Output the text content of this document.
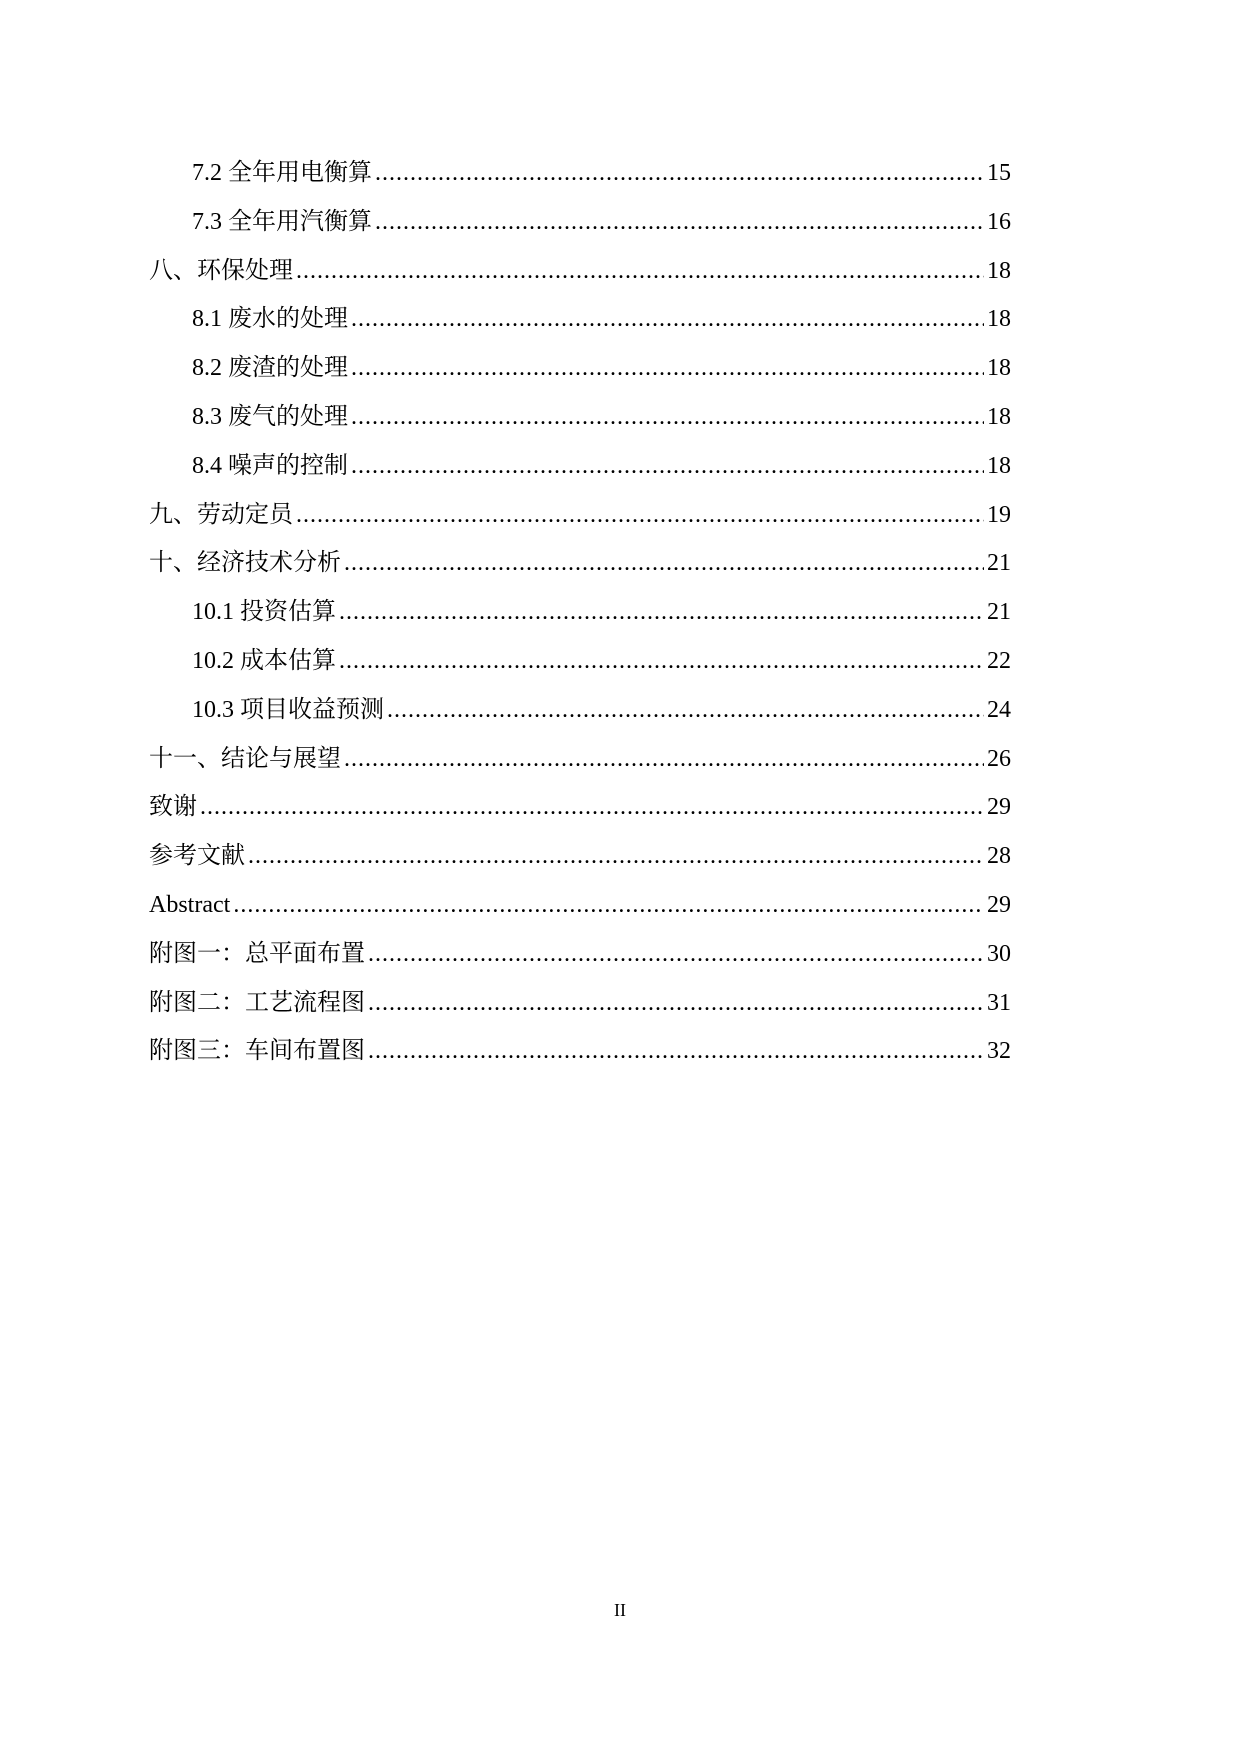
7.2 全年用电衡算 .....	15
7.3 全年用汽衡算 .....	16
八、环保处理 .....	18
8.1 废水的处理 .....	18
8.2 废渣的处理 .....	18
8.3 废气的处理 .....	18
8.4 噪声的控制 .....	18
九、劳动定员 .....	19
十、经济技术分析 .....	21
10.1 投资估算 .....	21
10.2 成本估算 .....	22
10.3 项目收益预测 .....	24
十一、结论与展望 .....	26
致谢 .....	29
参考文献 .....	28
Abstract .....	29
附图一：总平面布置 .....	30
附图二：工艺流程图 .....	31
附图三：车间布置图 .....	32
II
